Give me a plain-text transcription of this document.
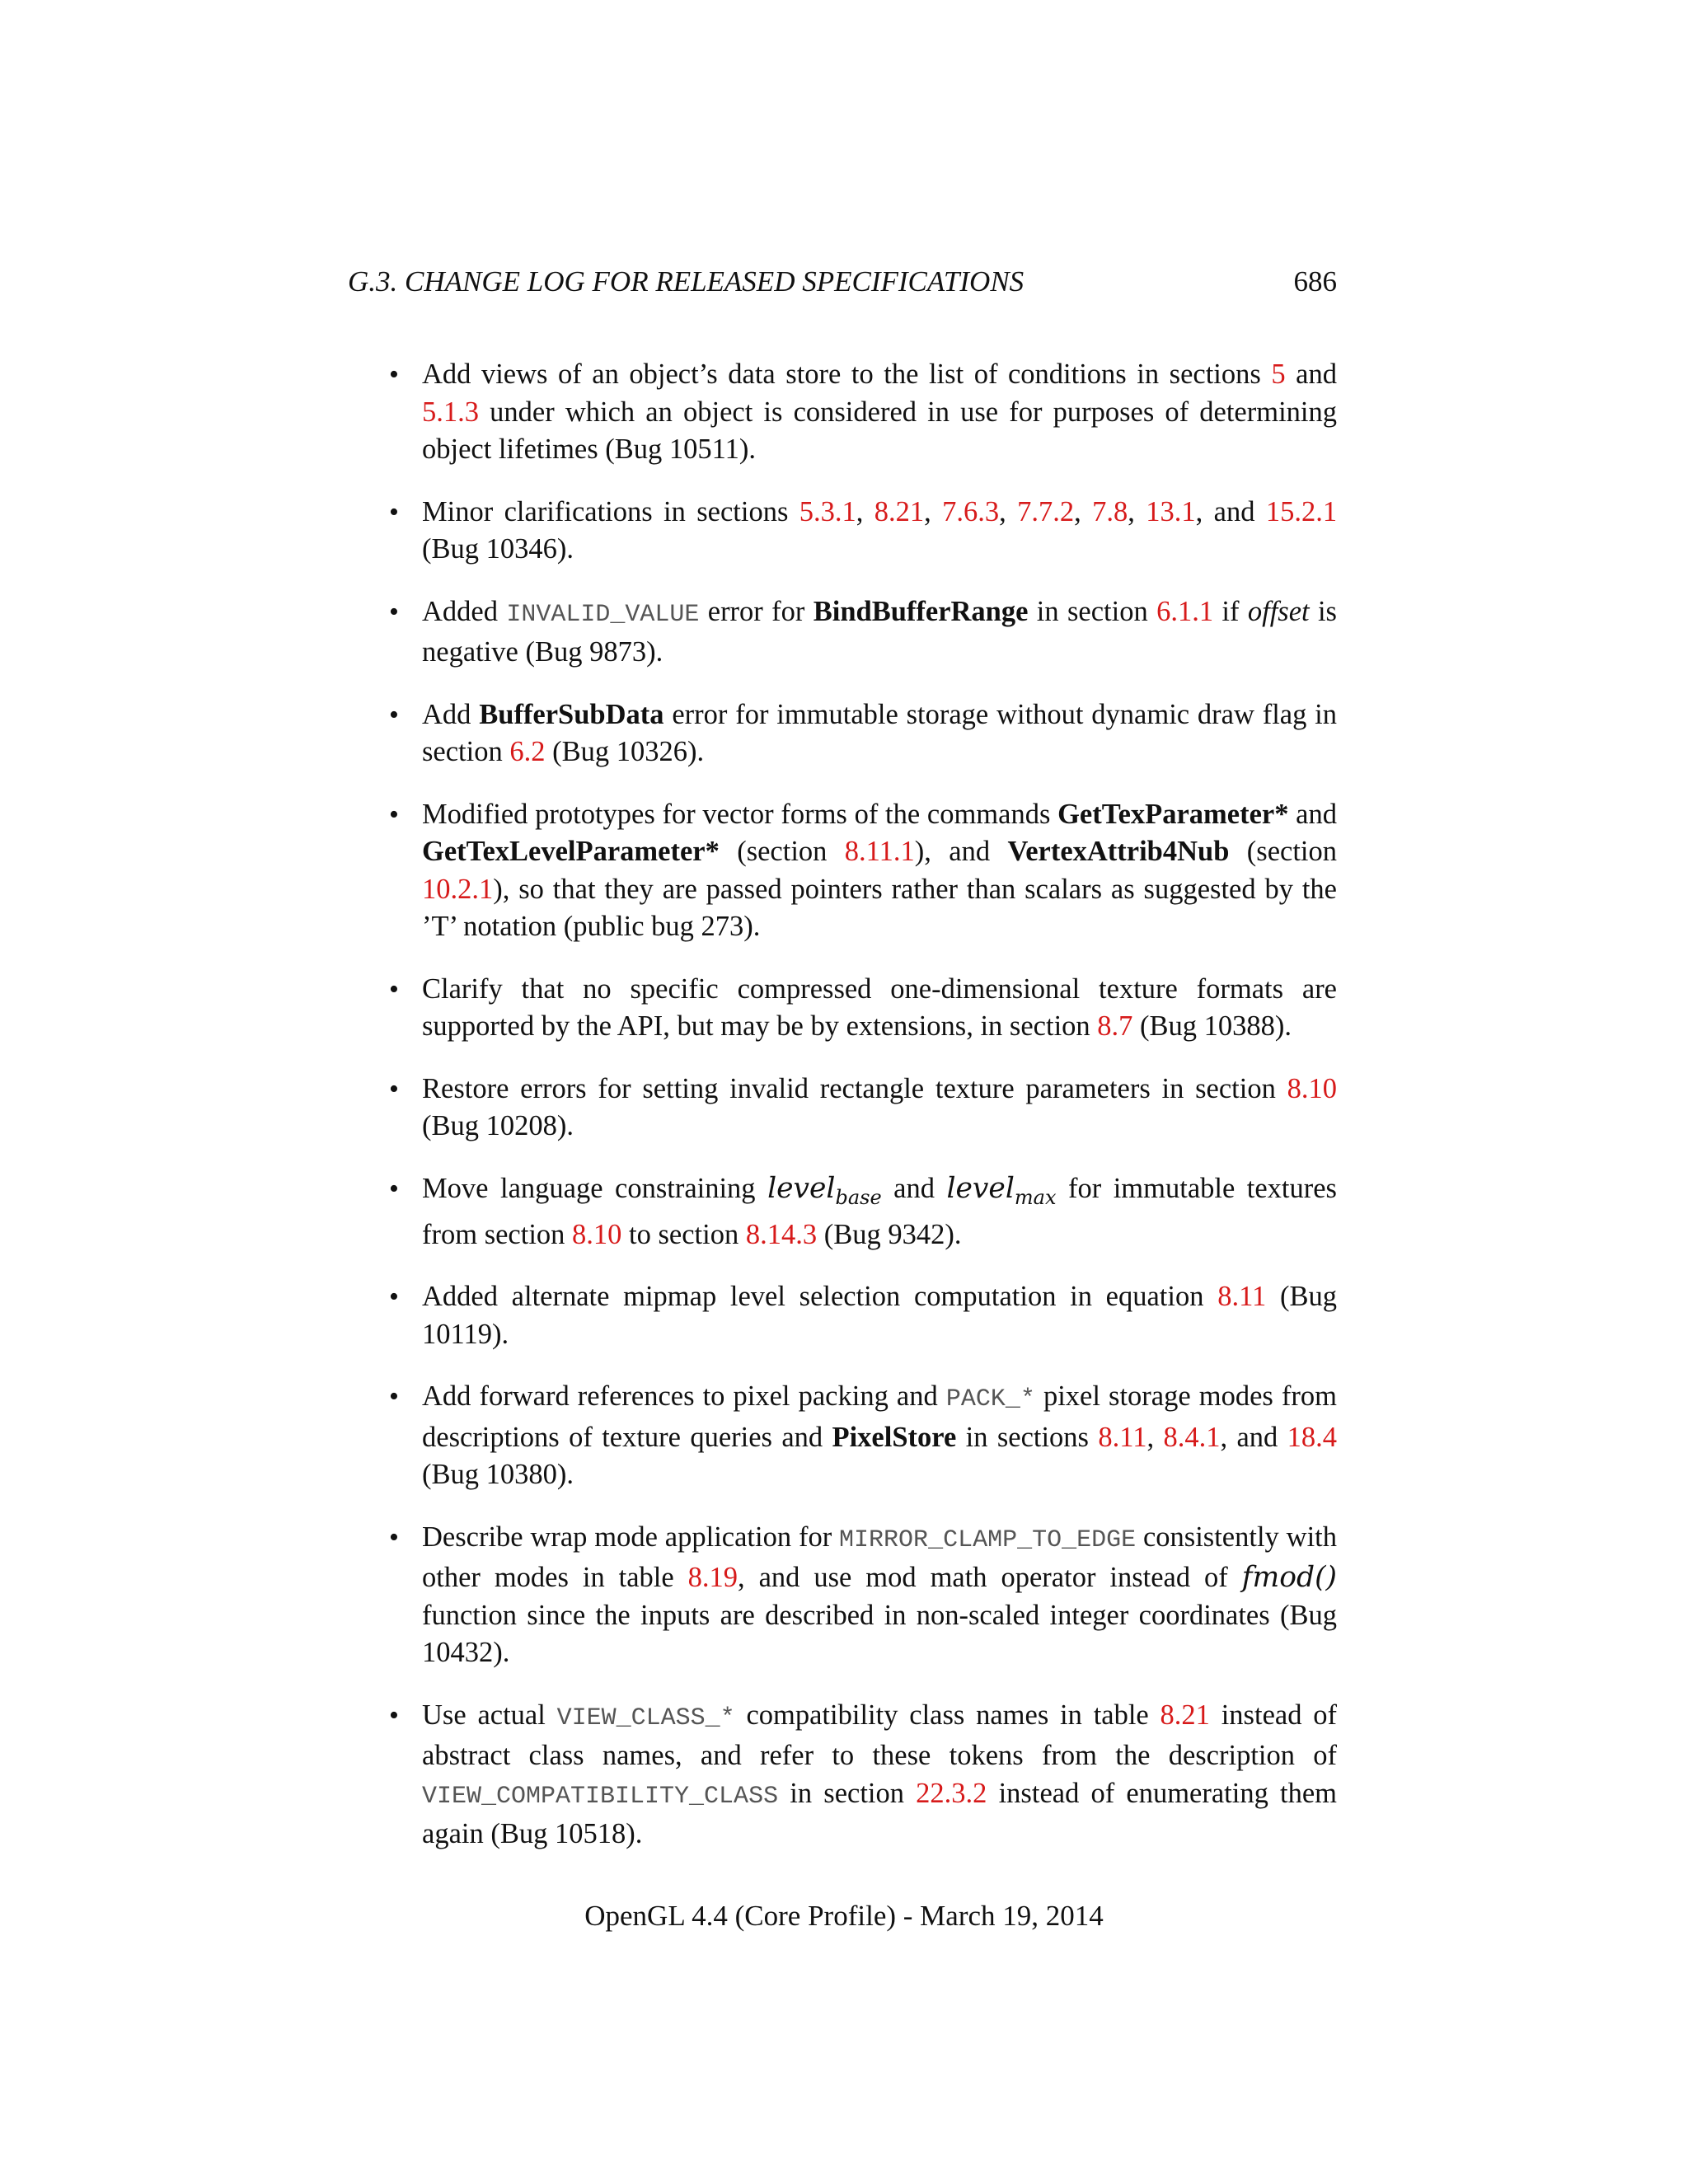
G.3. CHANGE LOG FOR RELEASED SPECIFICATIONS	686
• Add views of an object’s data store to the list of conditions in sections 5 and 5.1.3 under which an object is considered in use for purposes of determining object lifetimes (Bug 10511).
• Minor clarifications in sections 5.3.1, 8.21, 7.6.3, 7.7.2, 7.8, 13.1, and 15.2.1 (Bug 10346).
• Added INVALID_VALUE error for BindBufferRange in section 6.1.1 if offset is negative (Bug 9873).
• Add BufferSubData error for immutable storage without dynamic draw flag in section 6.2 (Bug 10326).
• Modified prototypes for vector forms of the commands GetTexParameter* and GetTexLevelParameter* (section 8.11.1), and VertexAttrib4Nub (section 10.2.1), so that they are passed pointers rather than scalars as suggested by the ’T’ notation (public bug 273).
• Clarify that no specific compressed one-dimensional texture formats are supported by the API, but may be by extensions, in section 8.7 (Bug 10388).
• Restore errors for setting invalid rectangle texture parameters in section 8.10 (Bug 10208).
• Move language constraining level$_{base}$ and level$_{max}$ for immutable textures from section 8.10 to section 8.14.3 (Bug 9342).
• Added alternate mipmap level selection computation in equation 8.11 (Bug 10119).
• Add forward references to pixel packing and PACK_* pixel storage modes from descriptions of texture queries and PixelStore in sections 8.11, 8.4.1, and 18.4 (Bug 10380).
• Describe wrap mode application for MIRROR_CLAMP_TO_EDGE consistently with other modes in table 8.19, and use mod math operator instead of fmod() function since the inputs are described in non-scaled integer coordinates (Bug 10432).
• Use actual VIEW_CLASS_* compatibility class names in table 8.21 instead of abstract class names, and refer to these tokens from the description of VIEW_COMPATIBILITY_CLASS in section 22.3.2 instead of enumerating them again (Bug 10518).
OpenGL 4.4 (Core Profile) - March 19, 2014
